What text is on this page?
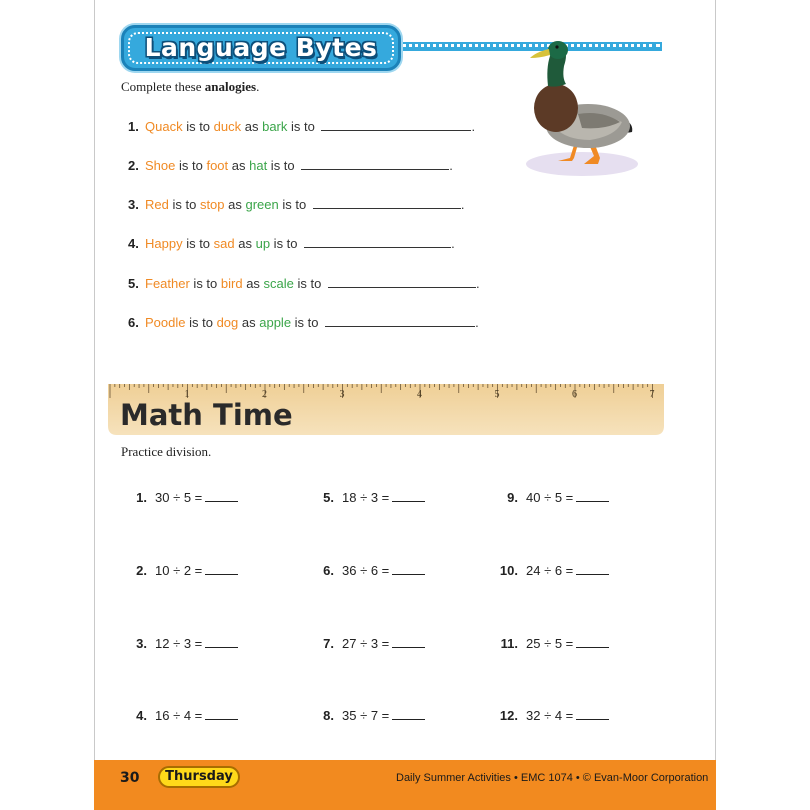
Language Bytes
Complete these analogies.
1. Quack is to duck as bark is to	.
2. Shoe is to foot as hat is to	.
3. Red is to stop as green is to	.
4. Happy is to sad as up is to	.
5. Feather is to bird as scale is to	.
6. Poodle is to dog as apple is to	.
1	2	3	4	5	6	7
Math Time
Practice division.
1. 30 ÷ 5 =
2. 10 ÷ 2 =
3. 12 ÷ 3 =
4. 16 ÷ 4 =
5. 18 ÷ 3 =
6. 36 ÷ 6 =
7. 27 ÷ 3 =
8. 35 ÷ 7 =
9. 40 ÷ 5 =
10. 24 ÷ 6 =
11. 25 ÷ 5 =
12. 32 ÷ 4 =
30	Thursday	Daily Summer Activities • EMC 1074 • © Evan-Moor Corporation
